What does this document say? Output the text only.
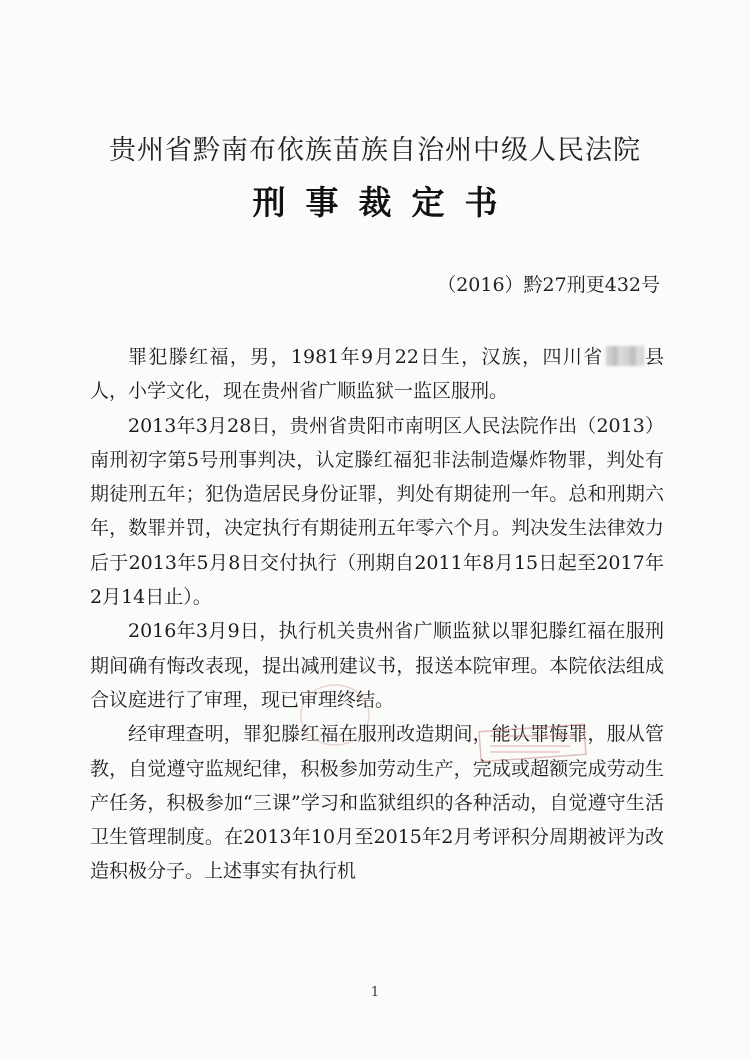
贵州省黔南布依族苗族自治州中级人民法院
刑事裁定书
（2016）黔27刑更432号

罪犯滕红福，男，1981年9月22日生，汉族，四川省 县人，小学文化，现在贵州省广顺监狱一监区服刑。

2013年3月28日，贵州省贵阳市南明区人民法院作出（2013）南刑初字第5号刑事判决，认定滕红福犯非法制造爆炸物罪，判处有期徒刑五年；犯伪造居民身份证罪，判处有期徒刑一年。总和刑期六年，数罪并罚，决定执行有期徒刑五年零六个月。判决发生法律效力后于2013年5月8日交付执行（刑期自2011年8月15日起至2017年2月14日止）。

2016年3月9日，执行机关贵州省广顺监狱以罪犯滕红福在服刑期间确有悔改表现，提出减刑建议书，报送本院审理。本院依法组成合议庭进行了审理，现已审理终结。

经审理查明，罪犯滕红福在服刑改造期间，能认罪悔罪，服从管教，自觉遵守监规纪律，积极参加劳动生产，完成或超额完成劳动生产任务，积极参加“三课”学习和监狱组织的各种活动，自觉遵守生活卫生管理制度。在2013年10月至2015年2月考评积分周期被评为改造积极分子。上述事实有执行机

1
